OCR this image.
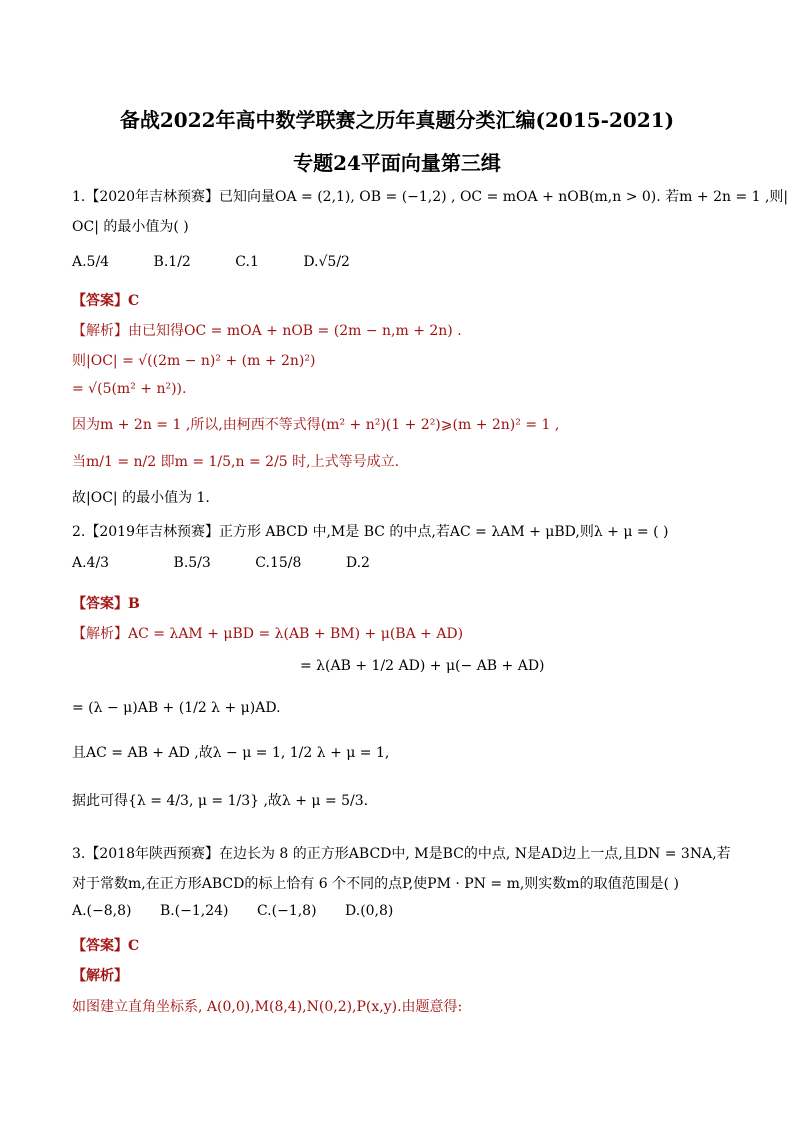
备战2022年高中数学联赛之历年真题分类汇编(2015-2021)
专题24平面向量第三缉
1.【2020年吉林预赛】已知向量OA = (2,1), OB = (−1,2) , OC = mOA + nOB(m,n > 0). 若m + 2n = 1 ,则|
OC| 的最小值为( )
A.5/4	B.1/2	C.1	D.√5/2
【答案】C
【解析】由已知得OC = mOA + nOB = (2m − n,m + 2n) .
则|OC| = √((2m − n)² + (m + 2n)²)
= √(5(m² + n²)).
因为m + 2n = 1 ,所以,由柯西不等式得(m² + n²)(1 + 2²)⩾(m + 2n)² = 1 ,
当m/1 = n/2 即m = 1/5,n = 2/5 时,上式等号成立.
故|OC| 的最小值为 1.
2.【2019年吉林预赛】正方形 ABCD 中,M是 BC 的中点,若AC = λAM + μBD,则λ + μ = ( )
A.4/3	B.5/3	C.15/8	D.2
【答案】B
【解析】AC = λAM + μBD = λ(AB + BM) + μ(BA + AD)
= λ(AB + 1/2 AD) + μ(− AB + AD)
= (λ − μ)AB + (1/2 λ + μ)AD.
且AC = AB + AD ,故λ − μ = 1, 1/2 λ + μ = 1,
据此可得{λ = 4/3, μ = 1/3} ,故λ + μ = 5/3.
3.【2018年陕西预赛】在边长为 8 的正方形ABCD中, M是BC的中点, N是AD边上一点,且DN = 3NA,若
对于常数m,在正方形ABCD的标上恰有 6 个不同的点P,使PM · PN = m,则实数m的取值范围是( )
A.(−8,8) B.(−1,24) C.(−1,8) D.(0,8)
【答案】C
【解析】
如图建立直角坐标系, A(0,0),M(8,4),N(0,2),P(x,y).由题意得:
